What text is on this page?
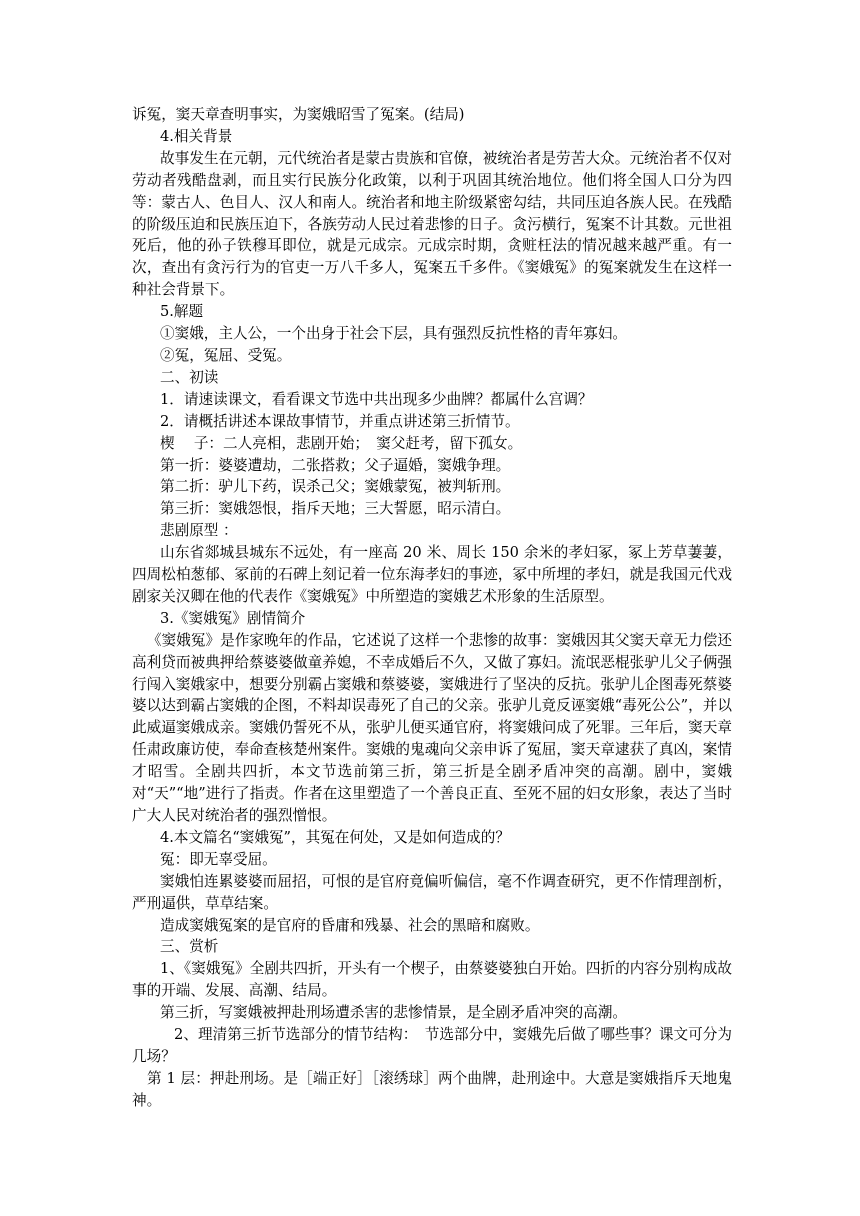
诉冤，窦天章查明事实，为窦娥昭雪了冤案。(结局)

4.相关背景

故事发生在元朝，元代统治者是蒙古贵族和官僚，被统治者是劳苦大众。元统治者不仅对劳动者残酷盘剥，而且实行民族分化政策，以利于巩固其统治地位。他们将全国人口分为四等：蒙古人、色目人、汉人和南人。统治者和地主阶级紧密勾结，共同压迫各族人民。在残酷的阶级压迫和民族压迫下，各族劳动人民过着悲惨的日子。贪污横行，冤案不计其数。元世祖死后，他的孙子铁穆耳即位，就是元成宗。元成宗时期，贪赃枉法的情况越来越严重。有一次，查出有贪污行为的官吏一万八千多人，冤案五千多件。《窦娥冤》的冤案就发生在这样一种社会背景下。

5.解题

①窦娥，主人公，一个出身于社会下层，具有强烈反抗性格的青年寡妇。

②冤，冤屈、受冤。

二、初读

1．请速读课文，看看课文节选中共出现多少曲牌？都属什么宫调？

2．请概括讲述本课故事情节，并重点讲述第三折情节。

楔　 子：二人亮相，悲剧开始；　窦父赶考，留下孤女。

第一折：婆婆遭劫，二张搭救；父子逼婚，窦娥争理。

第二折：驴儿下药，误杀己父；窦娥蒙冤，被判斩刑。

第三折：窦娥怨恨，指斥天地；三大誓愿，昭示清白。

悲剧原型 ：

山东省郯城县城东不远处，有一座高 20 米、周长 150 余米的孝妇冢，冢上芳草萋萋，四周松柏葱郁、冢前的石碑上刻记着一位东海孝妇的事迹，冢中所埋的孝妇，就是我国元代戏剧家关汉卿在他的代表作《窦娥冤》中所塑造的窦娥艺术形象的生活原型。

3.《窦娥冤》剧情简介

《窦娥冤》是作家晚年的作品，它述说了这样一个悲惨的故事：窦娥因其父窦天章无力偿还高利贷而被典押给蔡婆婆做童养媳，不幸成婚后不久，又做了寡妇。流氓恶棍张驴儿父子俩强行闯入窦娥家中，想要分别霸占窦娥和蔡婆婆，窦娥进行了坚决的反抗。张驴儿企图毒死蔡婆婆以达到霸占窦娥的企图，不料却误毒死了自己的父亲。张驴儿竟反诬窦娥“毒死公公”，并以此威逼窦娥成亲。窦娥仍誓死不从，张驴儿便买通官府，将窦娥问成了死罪。三年后，窦天章任肃政廉访使，奉命查核楚州案件。窦娥的鬼魂向父亲申诉了冤屈，窦天章逮获了真凶，案情才昭雪。全剧共四折，本文节选前第三折，第三折是全剧矛盾冲突的高潮。剧中，窦娥对“天”“地”进行了指责。作者在这里塑造了一个善良正直、至死不屈的妇女形象，表达了当时广大人民对统治者的强烈憎恨。

4.本文篇名“窦娥冤”，其冤在何处，又是如何造成的？

冤：即无辜受屈。

窦娥怕连累婆婆而屈招，可恨的是官府竟偏听偏信，毫不作调查研究，更不作情理剖析，严刑逼供，草草结案。

造成窦娥冤案的是官府的昏庸和残暴、社会的黑暗和腐败。

三、赏析

1、《窦娥冤》全剧共四折，开头有一个楔子，由蔡婆婆独白开始。四折的内容分别构成故事的开端、发展、高潮、结局。

第三折，写窦娥被押赴刑场遭杀害的悲惨情景，是全剧矛盾冲突的高潮。

2、理清第三折节选部分的情节结构：　节选部分中，窦娥先后做了哪些事？课文可分为几场？

第 1 层：押赴刑场。是［端正好］［滚绣球］两个曲牌，赴刑途中。大意是窦娥指斥天地鬼神。
